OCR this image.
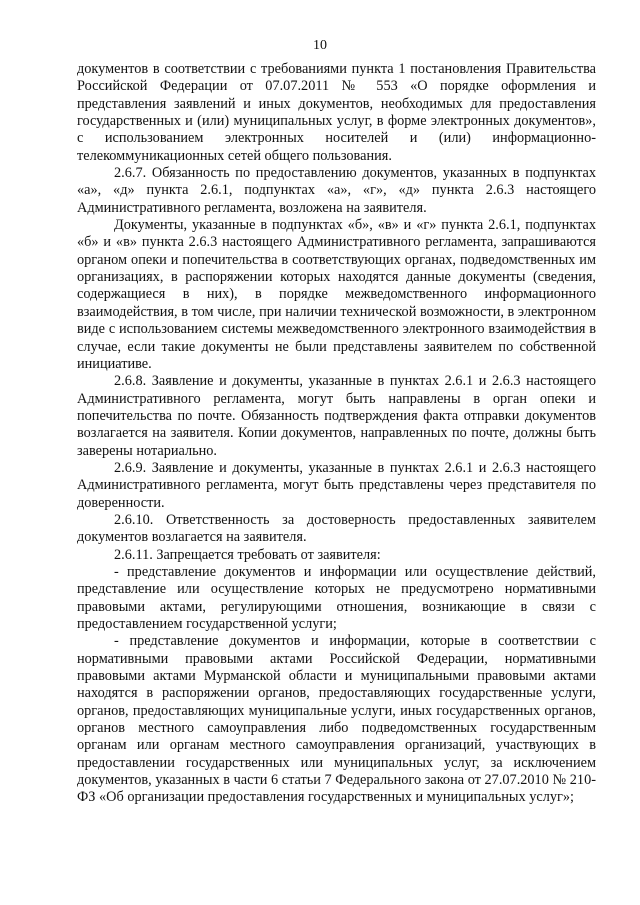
10

документов в соответствии с требованиями пункта 1 постановления Правительства Российской Федерации от 07.07.2011 № 553 «О порядке оформления и представления заявлений и иных документов, необходимых для предоставления государственных и (или) муниципальных услуг, в форме электронных документов», с использованием электронных носителей и (или) информационно-телекоммуникационных сетей общего пользования.

2.6.7. Обязанность по предоставлению документов, указанных в подпунктах «а», «д» пункта 2.6.1, подпунктах «а», «г», «д» пункта 2.6.3 настоящего Административного регламента, возложена на заявителя.

Документы, указанные в подпунктах «б», «в» и «г» пункта 2.6.1, подпунктах «б» и «в» пункта 2.6.3 настоящего Административного регламента, запрашиваются органом опеки и попечительства в соответствующих органах, подведомственных им организациях, в распоряжении которых находятся данные документы (сведения, содержащиеся в них), в порядке межведомственного информационного взаимодействия, в том числе, при наличии технической возможности, в электронном виде с использованием системы межведомственного электронного взаимодействия в случае, если такие документы не были представлены заявителем по собственной инициативе.

2.6.8. Заявление и документы, указанные в пунктах 2.6.1 и 2.6.3 настоящего Административного регламента, могут быть направлены в орган опеки и попечительства по почте. Обязанность подтверждения факта отправки документов возлагается на заявителя. Копии документов, направленных по почте, должны быть заверены нотариально.

2.6.9. Заявление и документы, указанные в пунктах 2.6.1 и 2.6.3 настоящего Административного регламента, могут быть представлены через представителя по доверенности.

2.6.10. Ответственность за достоверность предоставленных заявителем документов возлагается на заявителя.

2.6.11. Запрещается требовать от заявителя:

- представление документов и информации или осуществление действий, представление или осуществление которых не предусмотрено нормативными правовыми актами, регулирующими отношения, возникающие в связи с предоставлением государственной услуги;

- представление документов и информации, которые в соответствии с нормативными правовыми актами Российской Федерации, нормативными правовыми актами Мурманской области и муниципальными правовыми актами находятся в распоряжении органов, предоставляющих государственные услуги, органов, предоставляющих муниципальные услуги, иных государственных органов, органов местного самоуправления либо подведомственных государственным органам или органам местного самоуправления организаций, участвующих в предоставлении государственных или муниципальных услуг, за исключением документов, указанных в части 6 статьи 7 Федерального закона от 27.07.2010 № 210-ФЗ «Об организации предоставления государственных и муниципальных услуг»;
